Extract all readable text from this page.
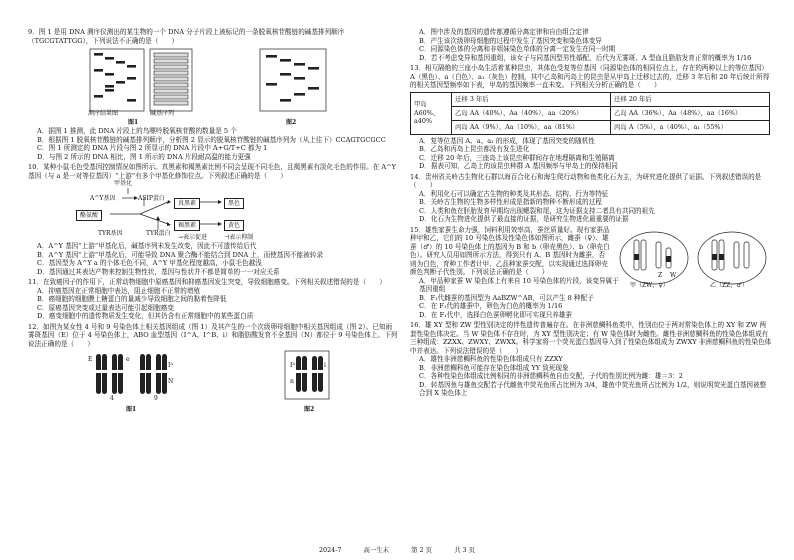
9．图 1 是用 DNA 测序仪测出的某生物的一个 DNA 分子片段上被标记的一条脱氧核苷酸链的碱基排列顺序（TGCGTATTGG），下列说法不正确的是（　　）

测序结果图	碱基序列
图1	图2

A．据图 1 推测，此 DNA 片段上的鸟嘌呤脱氧核苷酸的数量是 5 个

B．根据图 1 脱氧核苷酸链的碱基排列顺序，分析图 2 显示的脱氧核苷酸链的碱基序列为（从上往下）CCAGTGCGCC

C．图 1 所测定的 DNA 片段与图 2 所显示的 DNA 片段中 A+G/T+C 都为 1

D．与图 2 所示的 DNA 相比，图 1 所示的 DNA 片段耐高温的能力更强

10．某种小鼠毛色受基因控制情况如图所示。真黑素和褐黑素比例不同会呈现不同毛色，且褐黑素有淡化毛色的作用。在 A^Y 基因（与 a 是一对等位基因）“上游”有多个甲基化修饰位点。下列叙述正确的是（　　）

甲基化
A^Y基因	ASIP蛋白
酪氨酸
TYR基因	TYR蛋白
真黑素
褐黑素
黑色
黄色
→表示促进	⊣表示抑制

A．A^Y 基因“上游”甲基化后，碱基序列未发生改变，因此不可遗传给后代

B．A^Y 基因“上游”甲基化后，可能导致 DNA 聚合酶不能结合到 DNA 上，而使基因不能被转录

C．基因型为 A^Y a 的个体毛色不同，A^Y 甲基化程度越高，小鼠毛色越浅

D．基因通过其表达产物来控制生物性状，基因与性状并不都是简单的一一对应关系

11．在致癌因子的作用下，正常动物细胞中原癌基因和抑癌基因发生突变，导致细胞癌变。下列相关叙述错误的是（　　）

A．抑癌基因在正常细胞中表达，阻止细胞不正常的增殖

B．癌细胞的细胞膜上糖蛋白的量减少导致细胞之间的黏着性降低

C．原癌基因突变或过量表达可能引起细胞癌变

D．癌变细胞中的遗传物质发生变化，但其仍含有正常细胞中的某些蛋白质

12．如图为某女性 4 号和 9 号染色体上相关基因组成（图 1）及其产生的一个次级卵母细胞中相关基因组成（图 2）。已知雨雾斑基因（E）位于 4 号染色体上，ABO 血型基因（I^A、I^B、i）和脂肪酸发育不全基因（N）都位于 9 号染色体上。下列说法正确的是（　　）

E	e
Iᴬ
N
4	9
图1
Iᴬ
n
i
图2

A．图中涉及的基因的遗传都遵循分离定律和自由组合定律

B．产生该次级卵母细胞的过程中发生了基因突变和染色体变异

C．同源染色体的分离和非姐妹染色单体的分离一定发生在同一时期

D．若不考虑变异和基因重组，该女子与同基因型男性婚配，后代为无雾斑、A 型血且脂肪发育正常的概率为 1/16

13．相互隔绝的三座小岛生活着某种昆虫，其体色受复等位基因（同源染色体的相同位点上，存在的两种以上的等位基因）A（黑色）、a（白色）、a₁（灰色）控制，其中乙岛和丙岛上的昆虫是从甲岛上迁移过去的，迁移 3 年后和 20 年后统计所得的相关基因型频率如下表，甲岛的基因频率一直未变。下列相关分析正确的是（　　）

甲岛 A60%、a40%	迁移 3 年后	迁移 20 年后
	乙岛 AA（40%）、Aa（40%）、aa（20%）	乙岛 AA（36%）、Aa（48%）、aa（16%）
	丙岛 AA（9%）、Aa（10%）、aa（81%）	丙岛 A（5%）、a（40%）、a₁（55%）

A．复等位基因 A、a、a₁ 的形成，体现了基因突变的随机性

B．乙岛和丙岛上昆虫都没有发生进化

C．迁移 20 年后，三座岛上该昆虫种群间存在地理隔离和生殖隔离

D．据表可知，乙岛上的该昆虫种群 A 基因频率与甲岛上的保持相同

14．贵州省关岭古生物化石群以海百合化石和海生爬行动物和鱼类化石为主，为研究进化提供了证据。下列叙述错误的是（　　）

A．利用化石可以确定古生物的种类及其形态、结构、行为等特征

B．关岭古生物的生物多样性形成是指新的物种不断形成的过程

C．人类和鱼在胚胎发育早期均出现鳃裂和尾，这为证据支持二者具有共同的祖先

D．化石为生物进化提供了最直接的证据，是研究生物进化最重要的证据

15．雄性家蚕生命力强，饲料利用效率高，蚕丝质量好。现有家蚕品种甲和乙，它们的 10 号染色体及性染色体如图所示，雌蚕（♀）、雄蚕（♂）的 10 号染色体上的基因为 B 和 b（卵壳黑色）、b（卵壳白色）。研究人员用如图所示方法，得到只有 A、B 基因时为雌蚕，否则为白色，育种工作者计甲、乙品种家蚕交配，以实现通过选择卵壳颜色判断子代性别。下列说法正确的是（　　）	Z W
甲（ZW，♀）	乙（ZZ，♂）

A．甲品种家蚕 W 染色体上有来自 10 号染色体的片段，该变异属于基因重组

B．F₁代雌蚕的基因型为 AaBZW^AB，可以产生 8 种配子

C．在 F₁代的雄蚕中，卵色为白色的概率为 1/16

D．在 F₁代中，选择白色蚕卵孵化即可实现只养雄蚕

16．雄 XY 型和 ZW 型性别决定的伴性遗传普遍存在。在非洲慈鲷科鱼类中，性别由位于两对常染色体上的 XY 和 ZW 两套性染色体决定。当 W 染色体不存在时，为 XY 型性别决定；有 W 染色体时为雌性。雌性非洲慈鲷科鱼的性染色体组成有三种组成：ZZXX、ZWXY、ZWXX。科学家将一个荧光蛋白基因导入到了性染色体组成为 ZWXY 非洲慈鲷科鱼的性染色体中并表达。下列说法错误的是（　　）

A．雄性非洲慈鲷科鱼的性染色体组成只有 ZZXY

B．非洲慈鲷科鱼可能存在染色体组成 YY 致死现象

C．各种性染色体组成比例相同的非洲慈鲷科鱼自由交配，子代的性别比例为雌：雄＝3：2

D．转基因鱼与雄鱼交配若子代雌鱼中荧光鱼所占比例为 3/4，雄鱼中荧光鱼所占比例为 1/2，则说明荧光蛋白基因被整合到 X 染色体上

2024-7	高一生末	第 2 页	共 3 页
